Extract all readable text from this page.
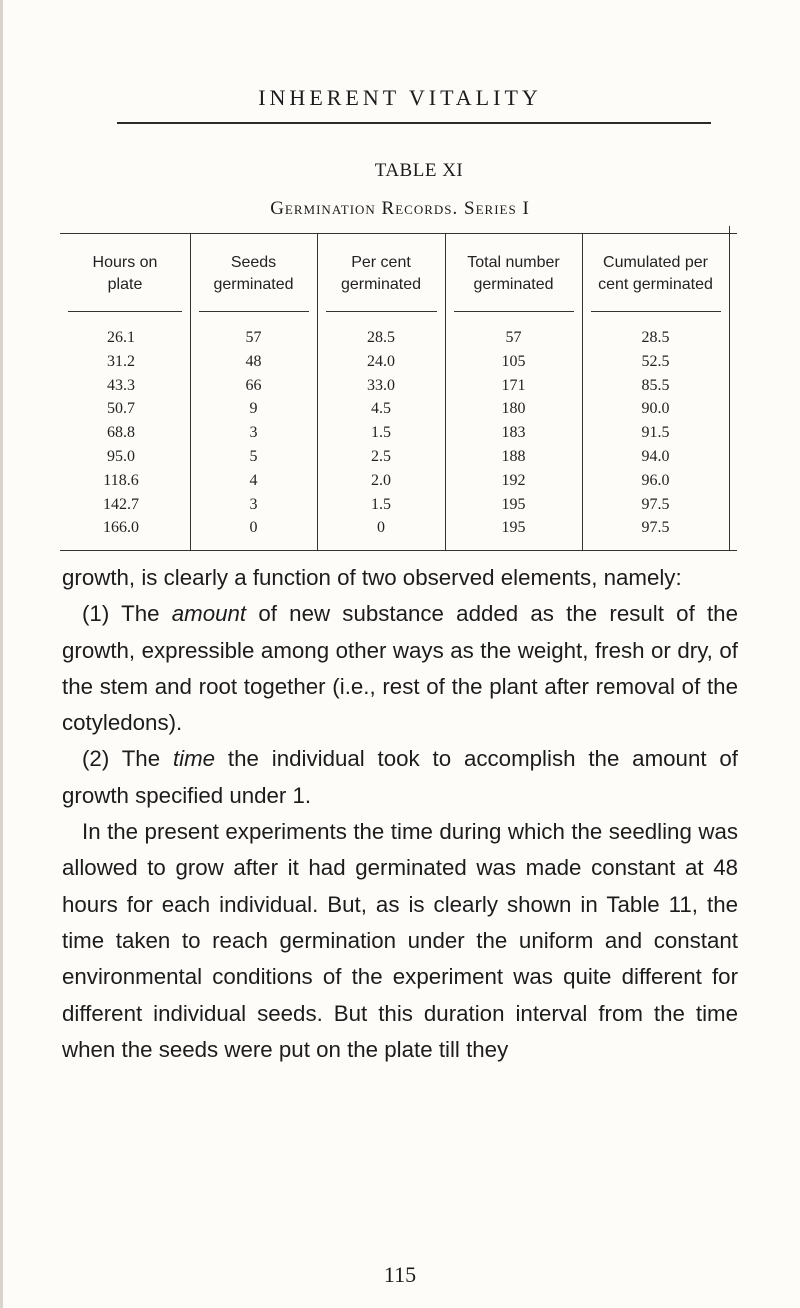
INHERENT VITALITY
TABLE XI
Germination Records. Series I
Hours on plate
26.1
31.2
43.3
50.7
68.8
95.0
118.6
142.7
166.0
Seeds germinated
57
48
66
9
3
5
4
3
0
Per cent germinated
28.5
24.0
33.0
4.5
1.5
2.5
2.0
1.5
0
Total number germinated
57
105
171
180
183
188
192
195
195
Cumulated per cent germinated
28.5
52.5
85.5
90.0
91.5
94.0
96.0
97.5
97.5

growth, is clearly a function of two observed elements, namely:

(1) The amount of new substance added as the result of the growth, expressible among other ways as the weight, fresh or dry, of the stem and root together (i.e., rest of the plant after removal of the cotyledons).

(2) The time the individual took to accomplish the amount of growth specified under 1.

In the present experiments the time during which the seedling was allowed to grow after it had germinated was made constant at 48 hours for each individual. But, as is clearly shown in Table 11, the time taken to reach germination under the uniform and constant environmental conditions of the experiment was quite different for different individual seeds. But this duration interval from the time when the seeds were put on the plate till they

115
